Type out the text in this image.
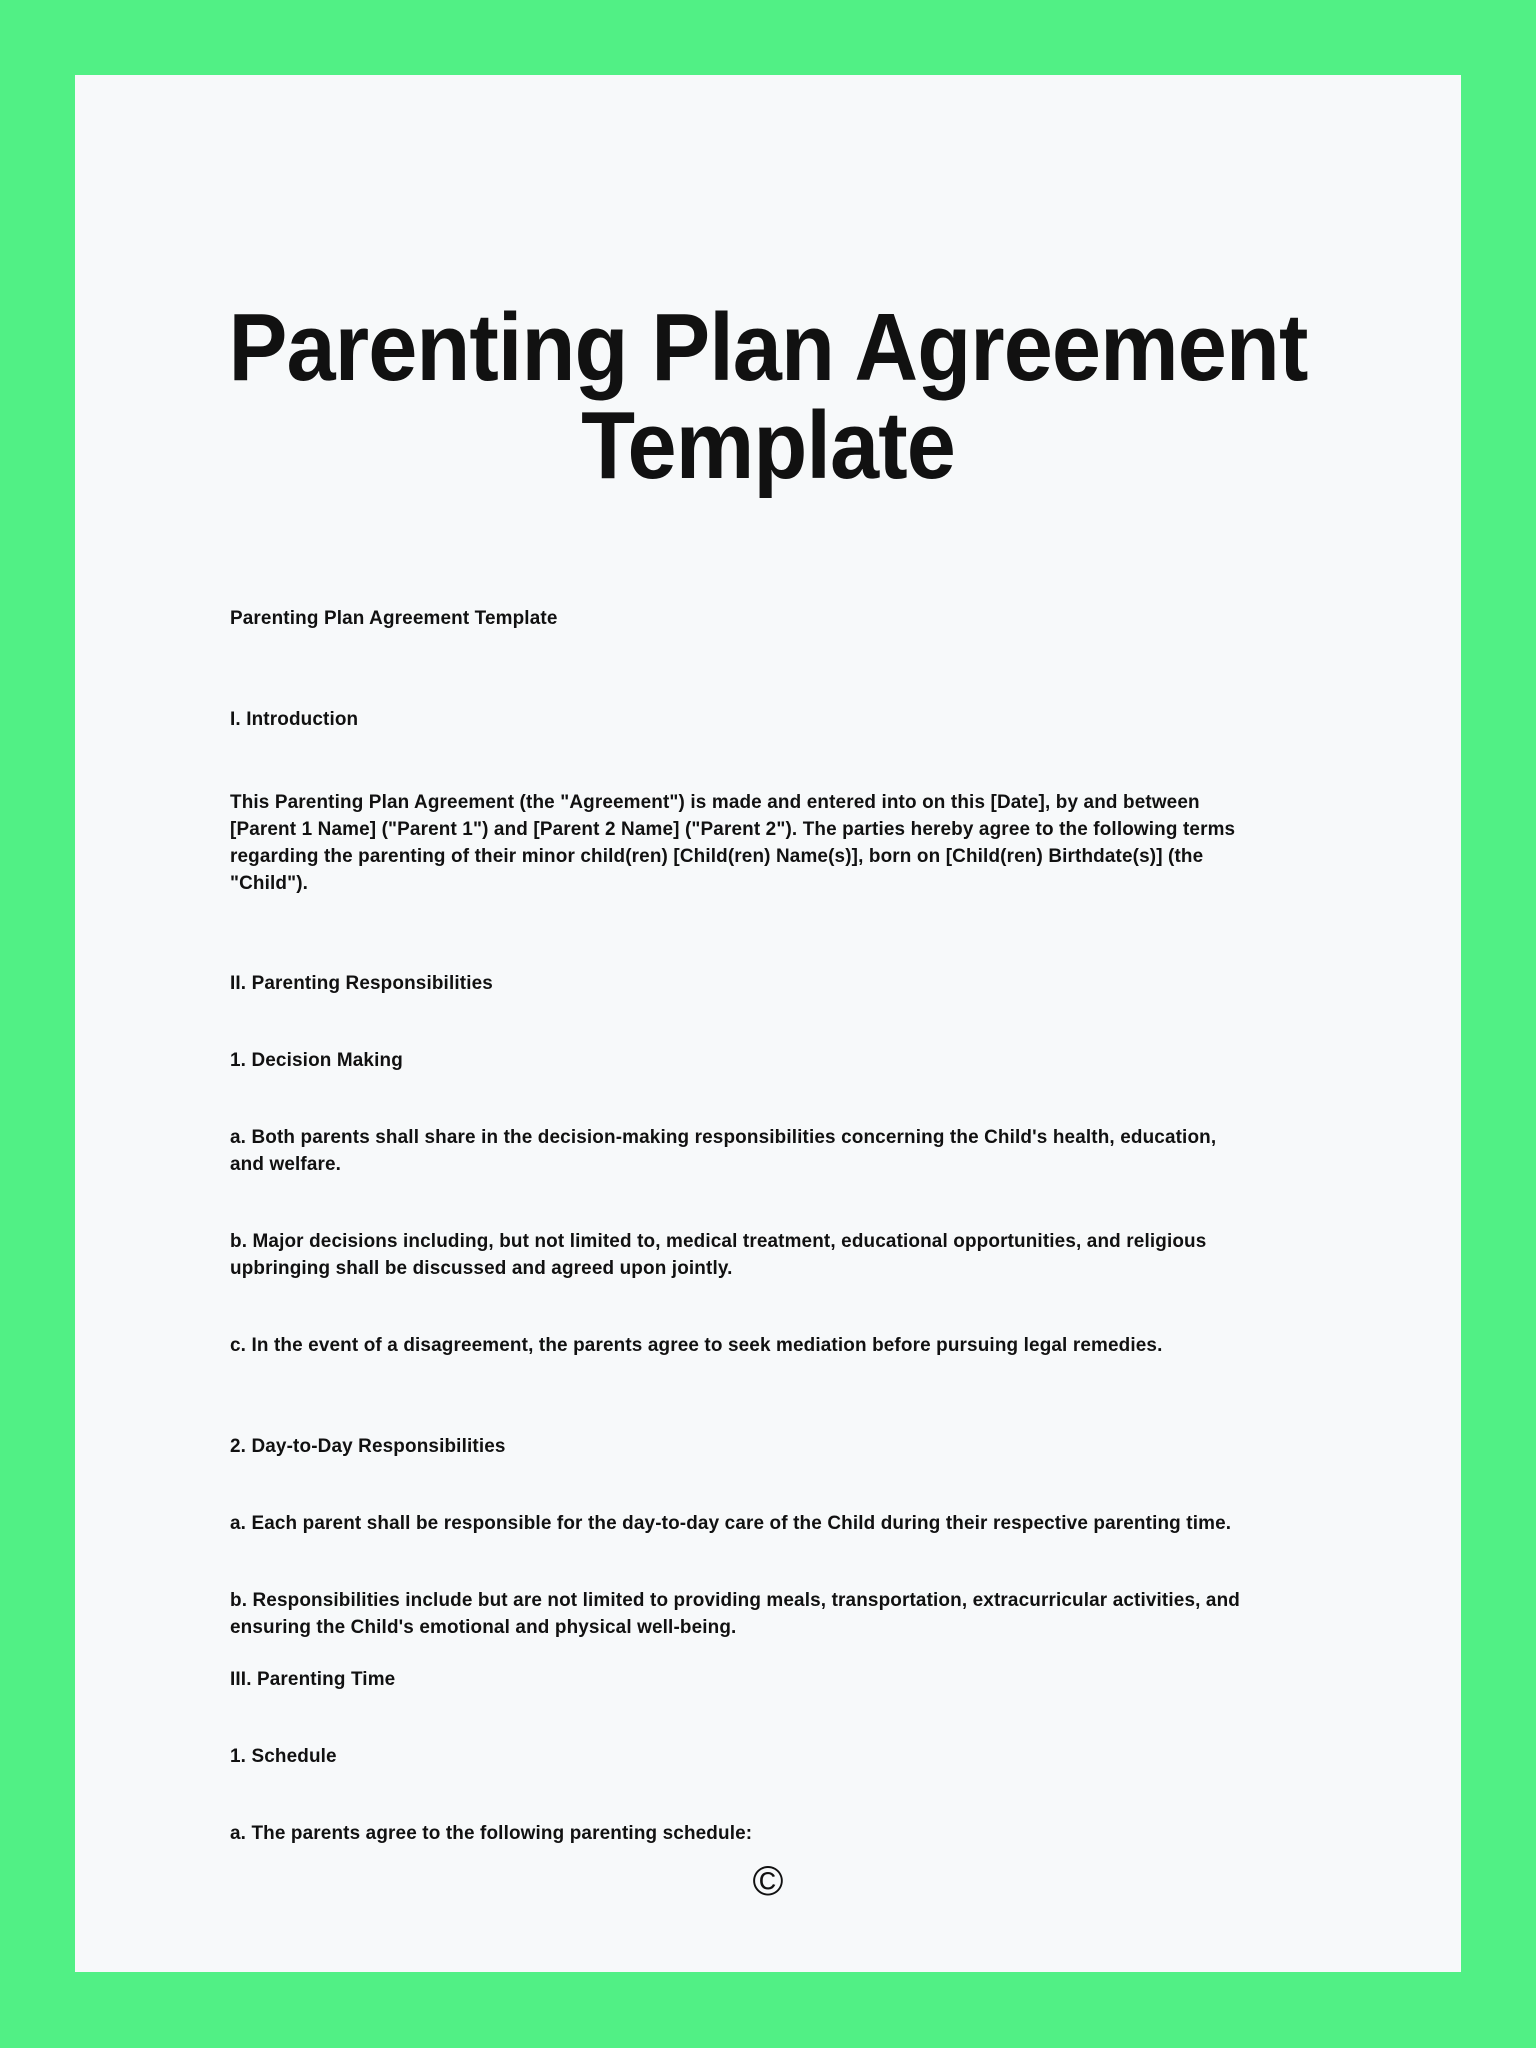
Parenting Plan Agreement Template
Parenting Plan Agreement Template
I. Introduction
This Parenting Plan Agreement (the "Agreement") is made and entered into on this [Date], by and between [Parent 1 Name] ("Parent 1") and [Parent 2 Name] ("Parent 2"). The parties hereby agree to the following terms regarding the parenting of their minor child(ren) [Child(ren) Name(s)], born on [Child(ren) Birthdate(s)] (the "Child").
II. Parenting Responsibilities
1. Decision Making
a. Both parents shall share in the decision-making responsibilities concerning the Child's health, education, and welfare.
b. Major decisions including, but not limited to, medical treatment, educational opportunities, and religious upbringing shall be discussed and agreed upon jointly.
c. In the event of a disagreement, the parents agree to seek mediation before pursuing legal remedies.
2. Day-to-Day Responsibilities
a. Each parent shall be responsible for the day-to-day care of the Child during their respective parenting time.
b. Responsibilities include but are not limited to providing meals, transportation, extracurricular activities, and ensuring the Child's emotional and physical well-being.
III. Parenting Time
1. Schedule
a. The parents agree to the following parenting schedule:
©
